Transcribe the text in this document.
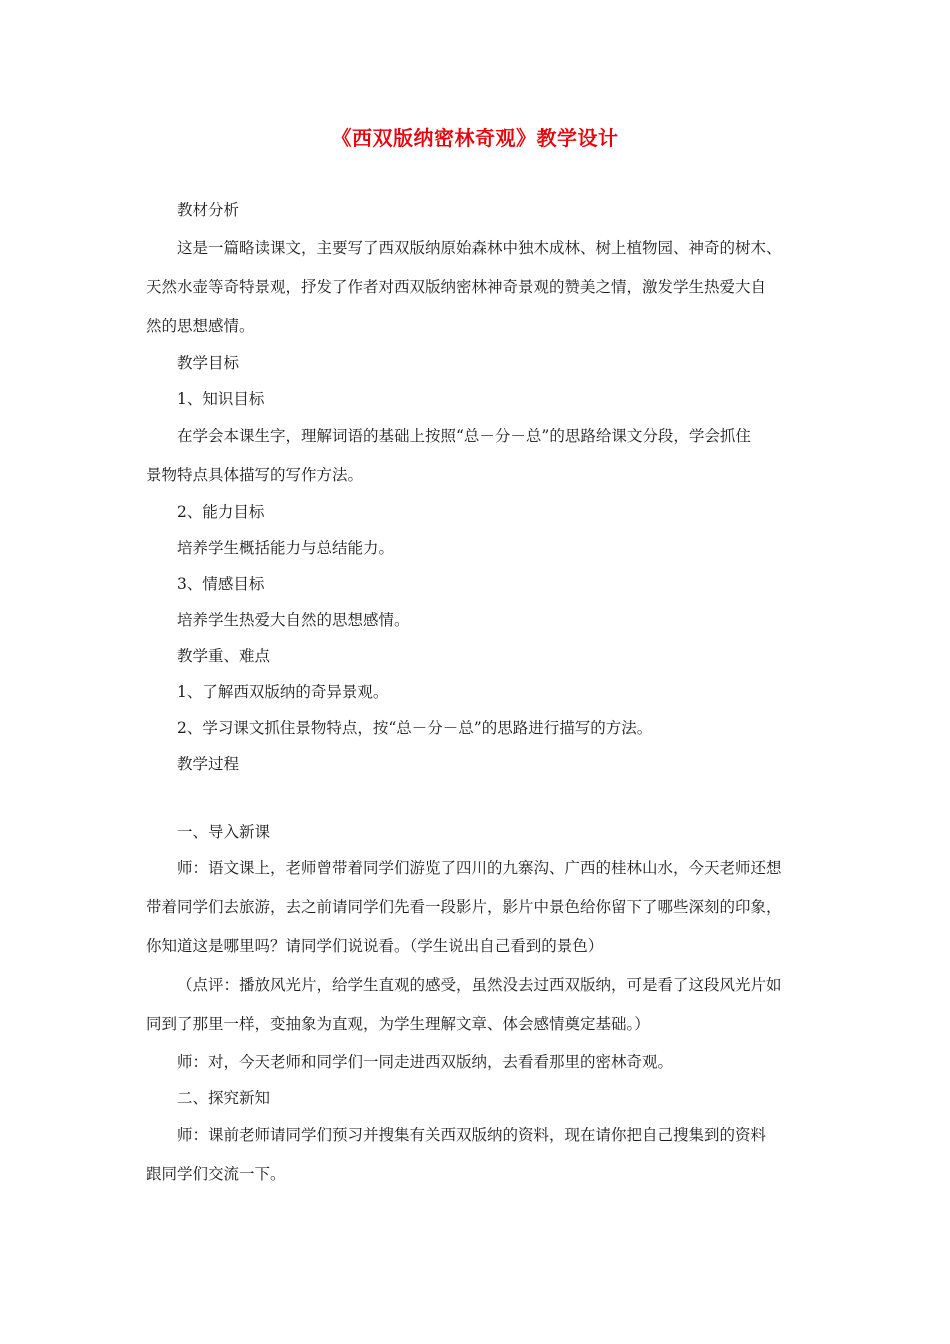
《西双版纳密林奇观》教学设计
教材分析
这是一篇略读课文，主要写了西双版纳原始森林中独木成林、树上植物园、神奇的树木、
天然水壶等奇特景观，抒发了作者对西双版纳密林神奇景观的赞美之情，激发学生热爱大自
然的思想感情。
教学目标
1、知识目标
在学会本课生字，理解词语的基础上按照“总－分－总”的思路给课文分段，学会抓住
景物特点具体描写的写作方法。
2、能力目标
培养学生概括能力与总结能力。
3、情感目标
培养学生热爱大自然的思想感情。
教学重、难点
1、了解西双版纳的奇异景观。
2、学习课文抓住景物特点，按“总－分－总”的思路进行描写的方法。
教学过程
一、导入新课
师：语文课上，老师曾带着同学们游览了四川的九寨沟、广西的桂林山水，今天老师还想
带着同学们去旅游，去之前请同学们先看一段影片，影片中景色给你留下了哪些深刻的印象，
你知道这是哪里吗？请同学们说说看。（学生说出自己看到的景色）
（点评：播放风光片，给学生直观的感受，虽然没去过西双版纳，可是看了这段风光片如
同到了那里一样，变抽象为直观，为学生理解文章、体会感情奠定基础。）
师：对，今天老师和同学们一同走进西双版纳，去看看那里的密林奇观。
二、探究新知
师：课前老师请同学们预习并搜集有关西双版纳的资料，现在请你把自己搜集到的资料
跟同学们交流一下。
